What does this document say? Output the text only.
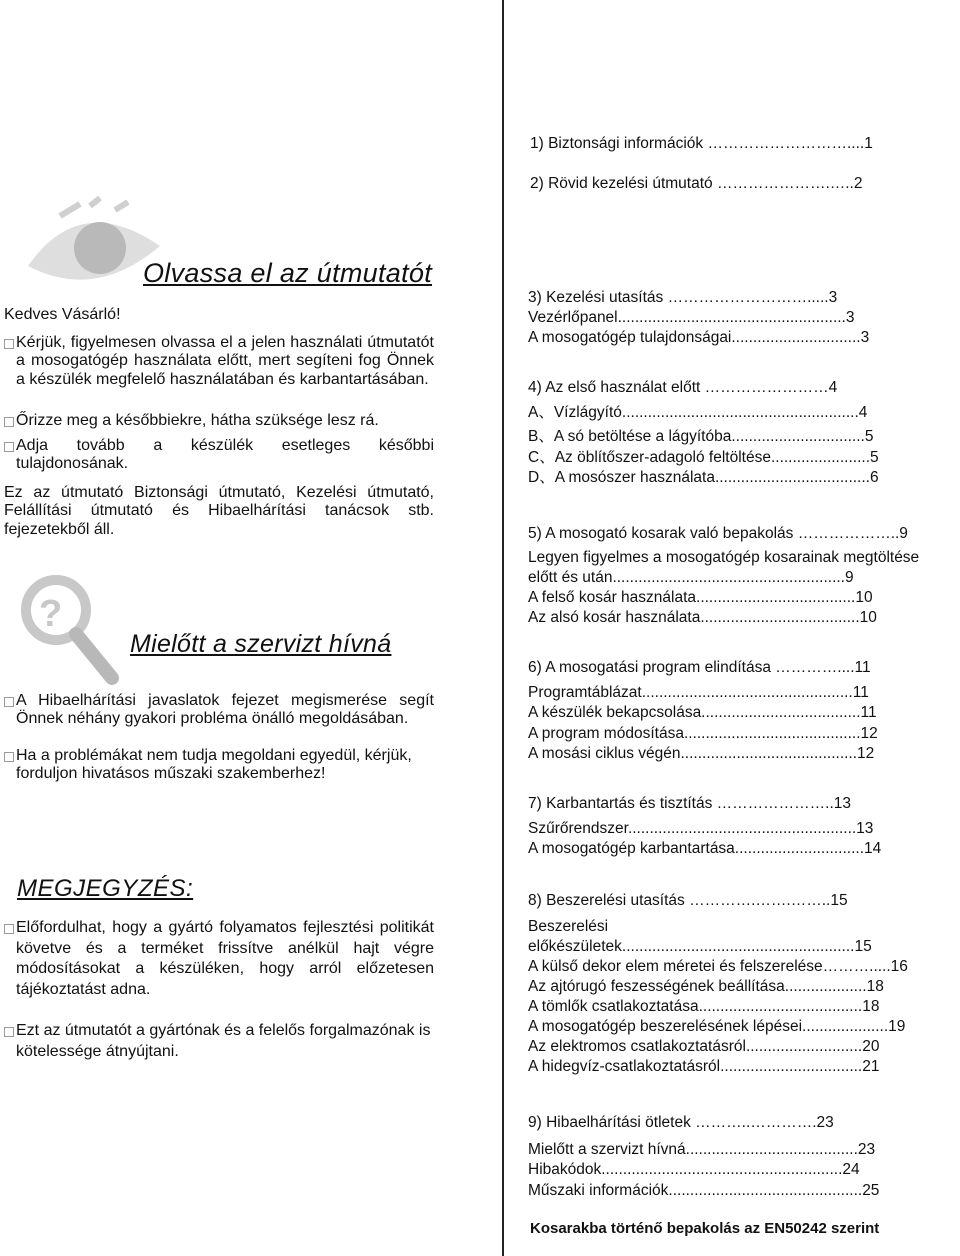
1) Biztonsági információk ………………………....1
2) Rövid kezelési útmutató ………………….…..2
Olvassa el az útmutatót
Kedves Vásárló!
Kérjük, figyelmesen olvassa el a jelen használati útmutatót a mosogatógép használata előtt, mert segíteni fog Önnek a készülék megfelelő használatában és karbantartásában.
Őrizze meg a későbbiekre, hátha szüksége lesz rá.
Adja tovább a készülék esetleges későbbi tulajdonosának.
Ez az útmutató Biztonsági útmutató, Kezelési útmutató, Felállítási útmutató és Hibaelhárítási tanácsok stb. fejezetekből áll.
?
Mielőtt a szervizt hívná
A Hibaelhárítási javaslatok fejezet megismerése segít Önnek néhány gyakori probléma önálló megoldásában.
Ha a problémákat nem tudja megoldani egyedül, kérjük, forduljon hivatásos műszaki szakemberhez!
MEGJEGYZÉS:
Előfordulhat, hogy a gyártó folyamatos fejlesztési politikát követve és a terméket frissítve anélkül hajt végre módosításokat a készüléken, hogy arról előzetesen tájékoztatást adna.
Ezt az útmutatót a gyártónak és a felelős forgalmazónak is kötelessége átnyújtani.
3) Kezelési utasítás ……………………….....3
Vezérlőpanel.....................................................3
A mosogatógép tulajdonságai..............................3
4) Az első használat előtt ……………………4
A、Vízlágyító.......................................................4
B、A só betöltése a lágyítóba...............................5
C、Az öblítőszer-adagoló feltöltése.......................5
D、A mosószer használata....................................6
5) A mosogató kosarak való bepakolás ………………..9
Legyen figyelmes a mosogatógép kosarainak megtöltése
előtt és után......................................................9
A felső kosár használata.....................................10
Az alsó kosár használata.....................................10
6) A mosogatási program elindítása …………....11
Programtáblázat.................................................11
A készülék bekapcsolása.....................................11
A program módosítása.........................................12
A mosási ciklus végén.........................................12
7) Karbantartás és tisztítás …………………..13
Szűrőrendszer.....................................................13
A mosogatógép karbantartása..............................14
8) Beszerelési utasítás ………….…….……..15
Beszerelési
előkészületek......................................................15
A külső dekor elem méretei és felszerelése……….....16
Az ajtórugó feszességének beállítása...................18
A tömlők csatlakoztatása......................................18
A mosogatógép beszerelésének lépései....................19
Az elektromos csatlakoztatásról...........................20
A hidegvíz-csatlakoztatásról.................................21
9) Hibaelhárítási ötletek ………..………….23
Mielőtt a szervizt hívná........................................23
Hibakódok........................................................24
Műszaki információk.............................................25
Kosarakba történő bepakolás az EN50242 szerint
